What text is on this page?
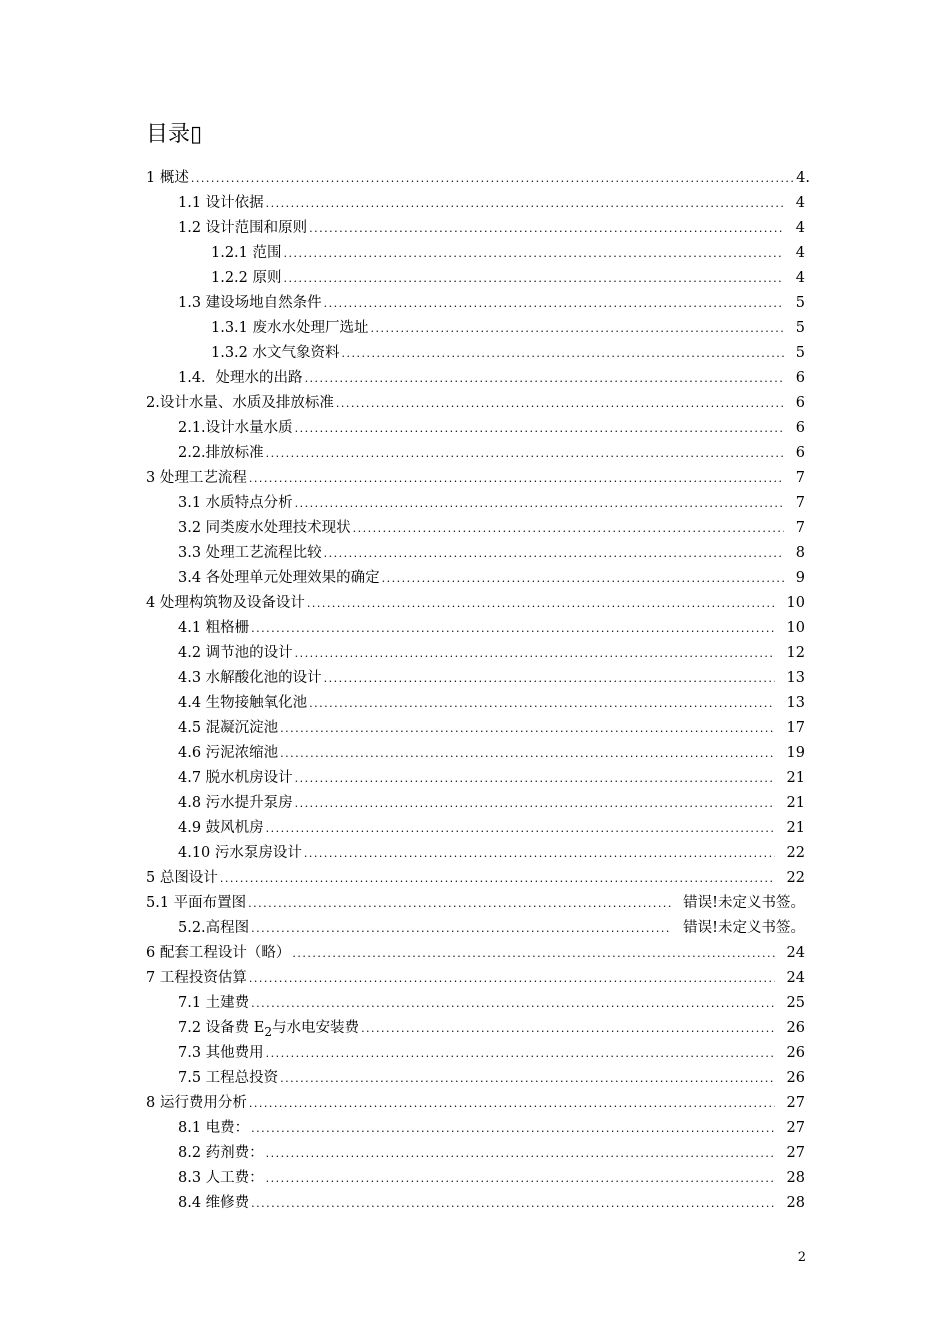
目录▯
1 概述 .....	4.
1.1 设计依据 .....	4
1.2 设计范围和原则 .....	4
1.2.1 范围 .....	4
1.2.2 原则 .....	4
1.3 建设场地自然条件 .....	5
1.3.1 废水水处理厂选址 .....	5
1.3.2 水文气象资料 .....	5
1.4．处理水的出路 .....	6
2.设计水量、水质及排放标准 .....	6
2.1.设计水量水质 .....	6
2.2.排放标准 .....	6
3 处理工艺流程 .....	7
3.1 水质特点分析 .....	7
3.2 同类废水处理技术现状 .....	7
3.3 处理工艺流程比较 .....	8
3.4 各处理单元处理效果的确定 .....	9
4 处理构筑物及设备设计 .....	10
4.1 粗格栅 .....	10
4.2 调节池的设计 .....	12
4.3 水解酸化池的设计 .....	13
4.4 生物接触氧化池 .....	13
4.5 混凝沉淀池 .....	17
4.6 污泥浓缩池 .....	19
4.7 脱水机房设计 .....	21
4.8 污水提升泵房 .....	21
4.9 鼓风机房 .....	21
4.10 污水泵房设计 .....	22
5 总图设计 .....	22
5.1 平面布置图 .....	错误!未定义书签。
5.2.高程图 .....	错误!未定义书签。
6 配套工程设计（略） .....	24
7 工程投资估算 .....	24
7.1 土建费 .....	25
7.2 设备费 $E_2$与水电安装费 .....	26
7.3 其他费用 .....	26
7.5 工程总投资 .....	26
8 运行费用分析 .....	27
8.1 电费： .....	27
8.2 药剂费： .....	27
8.3 人工费： .....	28
8.4 维修费 .....	28
2
